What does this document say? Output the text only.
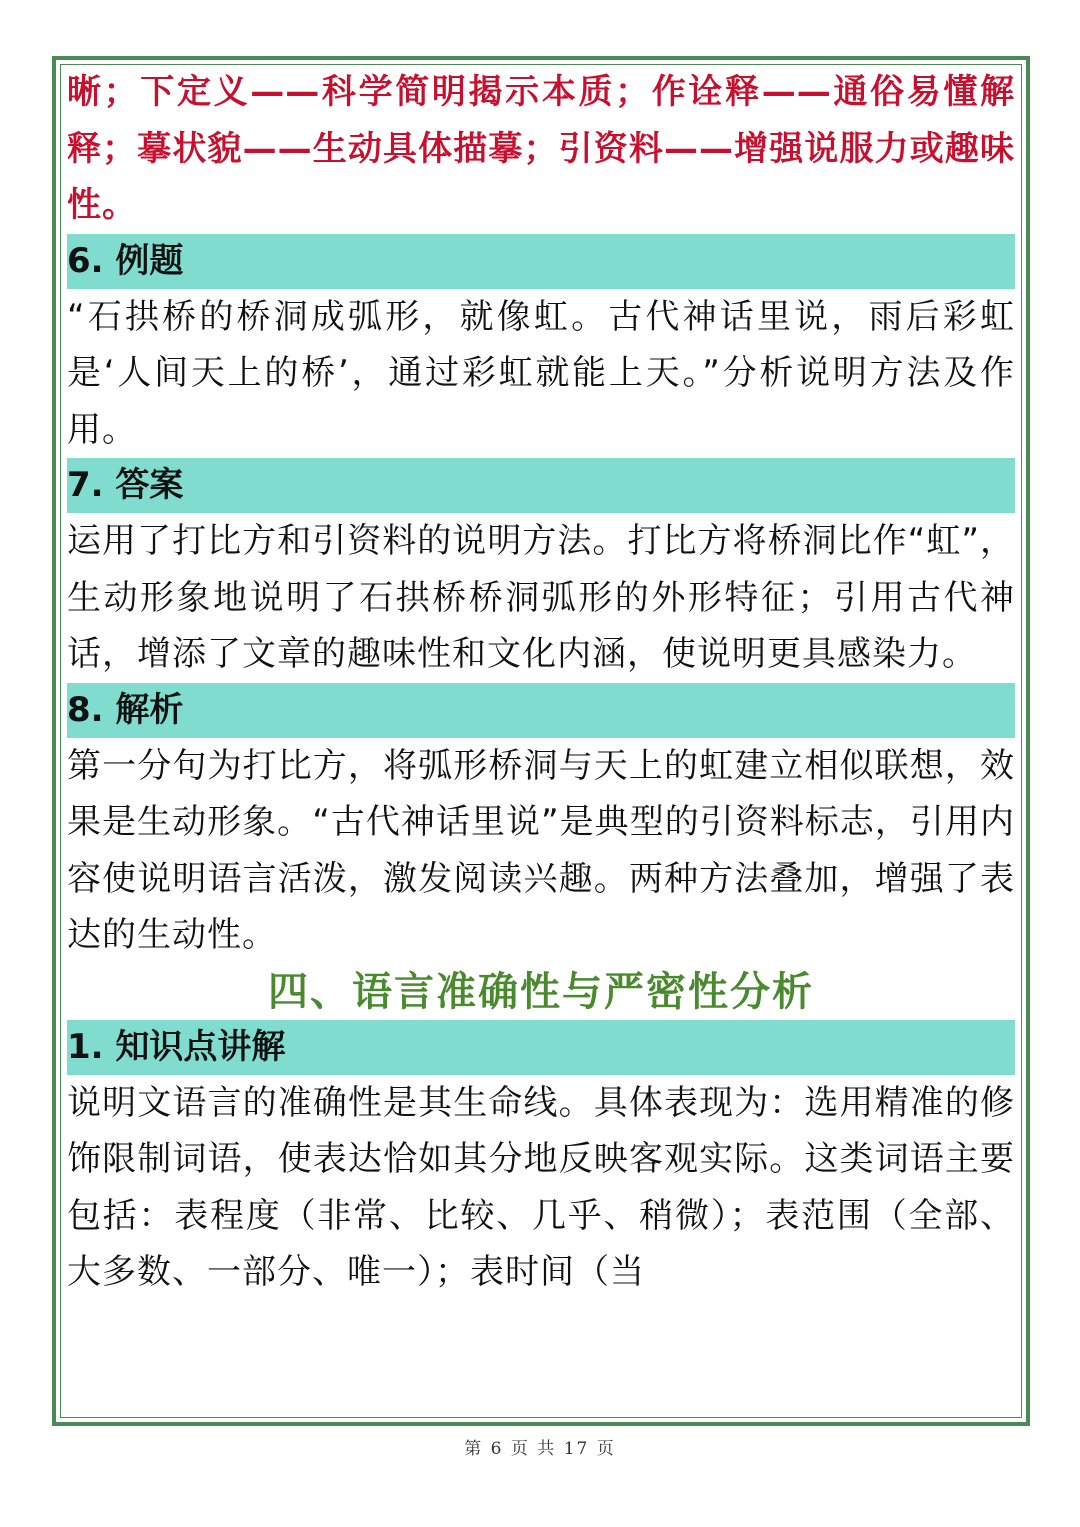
晰；下定义——科学简明揭示本质；作诠释——通俗易懂解释；摹状貌——生动具体描摹；引资料——增强说服力或趣味性。

6. 例题

“石拱桥的桥洞成弧形，就像虹。古代神话里说，雨后彩虹是‘人间天上的桥’，通过彩虹就能上天。”分析说明方法及作用。

7. 答案

运用了打比方和引资料的说明方法。打比方将桥洞比作“虹”，生动形象地说明了石拱桥桥洞弧形的外形特征；引用古代神话，增添了文章的趣味性和文化内涵，使说明更具感染力。

8. 解析

第一分句为打比方，将弧形桥洞与天上的虹建立相似联想，效果是生动形象。“古代神话里说”是典型的引资料标志，引用内容使说明语言活泼，激发阅读兴趣。两种方法叠加，增强了表达的生动性。

四、语言准确性与严密性分析
1. 知识点讲解

说明文语言的准确性是其生命线。具体表现为：选用精准的修饰限制词语，使表达恰如其分地反映客观实际。这类词语主要包括：表程度（非常、比较、几乎、稍微）；表范围（全部、大多数、一部分、唯一）；表时间（当

第 6 页 共 17 页
